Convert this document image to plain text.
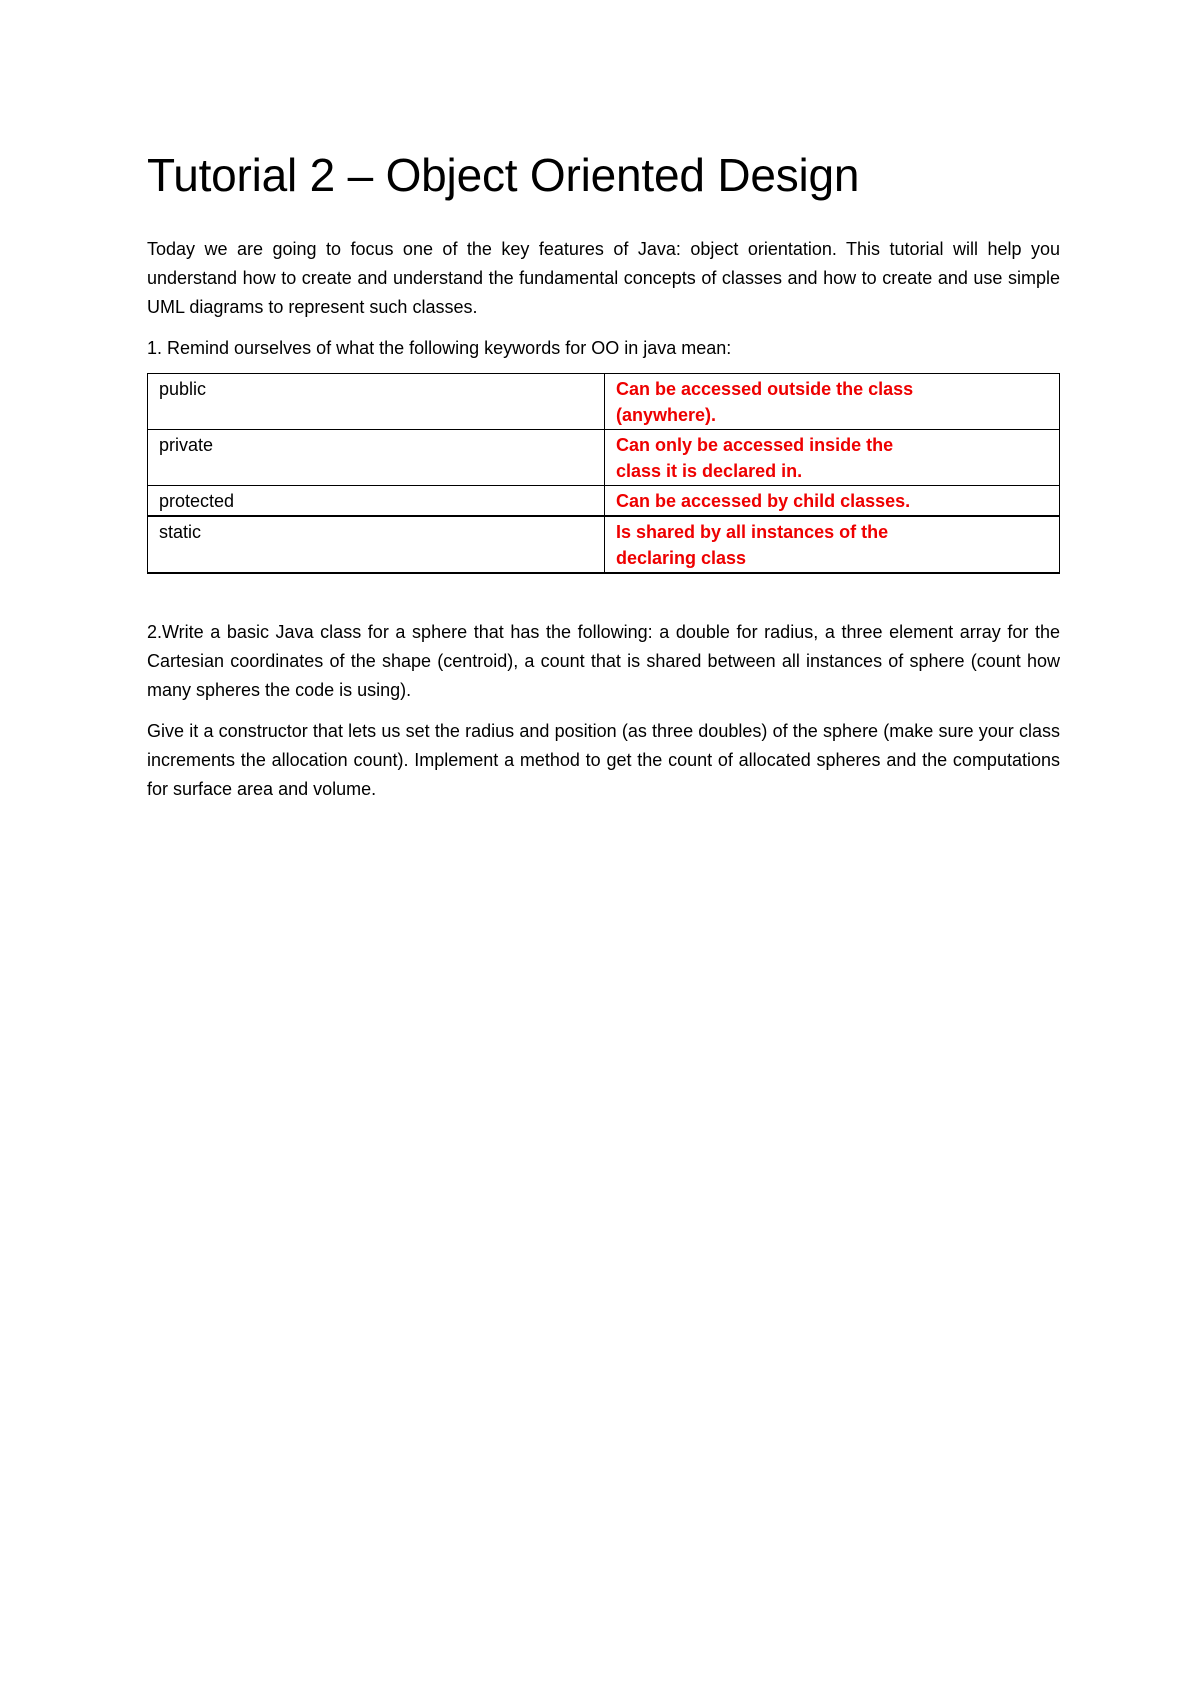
Tutorial 2 – Object Oriented Design

Today we are going to focus one of the key features of Java: object orientation. This tutorial will help you understand how to create and understand the fundamental concepts of classes and how to create and use simple UML diagrams to represent such classes.

1. Remind ourselves of what the following keywords for OO in java mean:

public	Can be accessed outside the class (anywhere).
private	Can only be accessed inside the class it is declared in.
protected	Can be accessed by child classes.
static	Is shared by all instances of the declaring class

2.Write a basic Java class for a sphere that has the following: a double for radius, a three element array for the Cartesian coordinates of the shape (centroid), a count that is shared between all instances of sphere (count how many spheres the code is using).

Give it a constructor that lets us set the radius and position (as three doubles) of the sphere (make sure your class increments the allocation count). Implement a method to get the count of allocated spheres and the computations for surface area and volume.
